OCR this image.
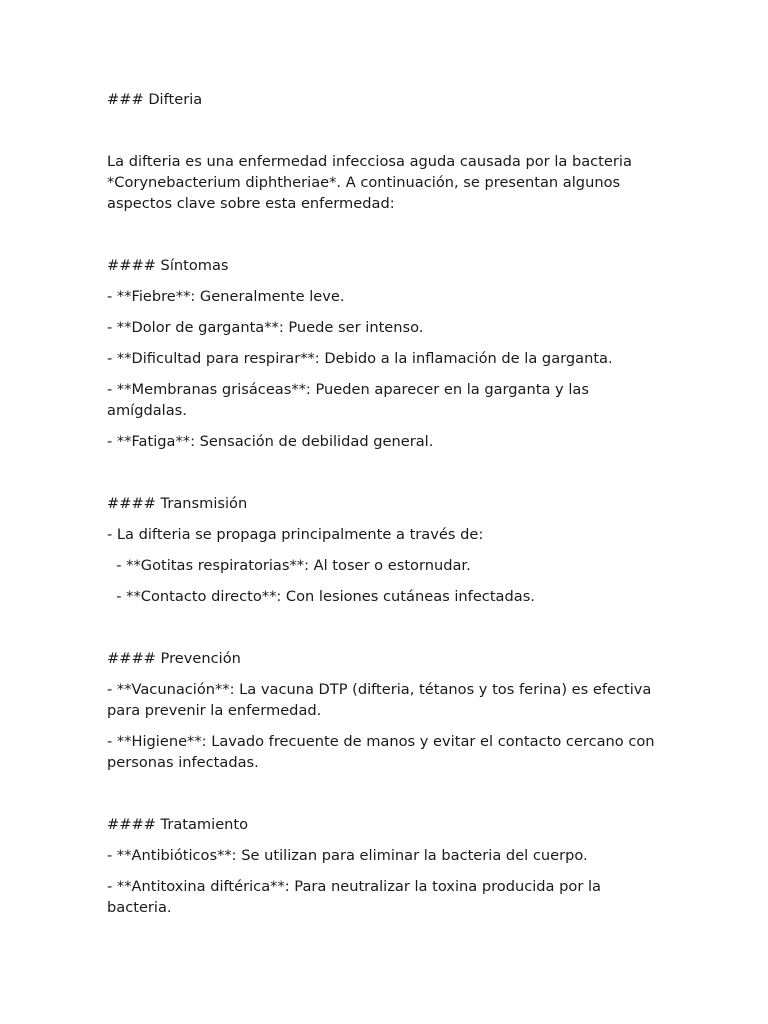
### Difteria

La difteria es una enfermedad infecciosa aguda causada por la bacteria *Corynebacterium diphtheriae*. A continuación, se presentan algunos aspectos clave sobre esta enfermedad:

#### Síntomas

- **Fiebre**: Generalmente leve.

- **Dolor de garganta**: Puede ser intenso.

- **Dificultad para respirar**: Debido a la inflamación de la garganta.

- **Membranas grisáceas**: Pueden aparecer en la garganta y las amígdalas.

- **Fatiga**: Sensación de debilidad general.

#### Transmisión

- La difteria se propaga principalmente a través de:

- **Gotitas respiratorias**: Al toser o estornudar.

- **Contacto directo**: Con lesiones cutáneas infectadas.

#### Prevención

- **Vacunación**: La vacuna DTP (difteria, tétanos y tos ferina) es efectiva para prevenir la enfermedad.

- **Higiene**: Lavado frecuente de manos y evitar el contacto cercano con personas infectadas.

#### Tratamiento

- **Antibióticos**: Se utilizan para eliminar la bacteria del cuerpo.

- **Antitoxina diftérica**: Para neutralizar la toxina producida por la bacteria.
